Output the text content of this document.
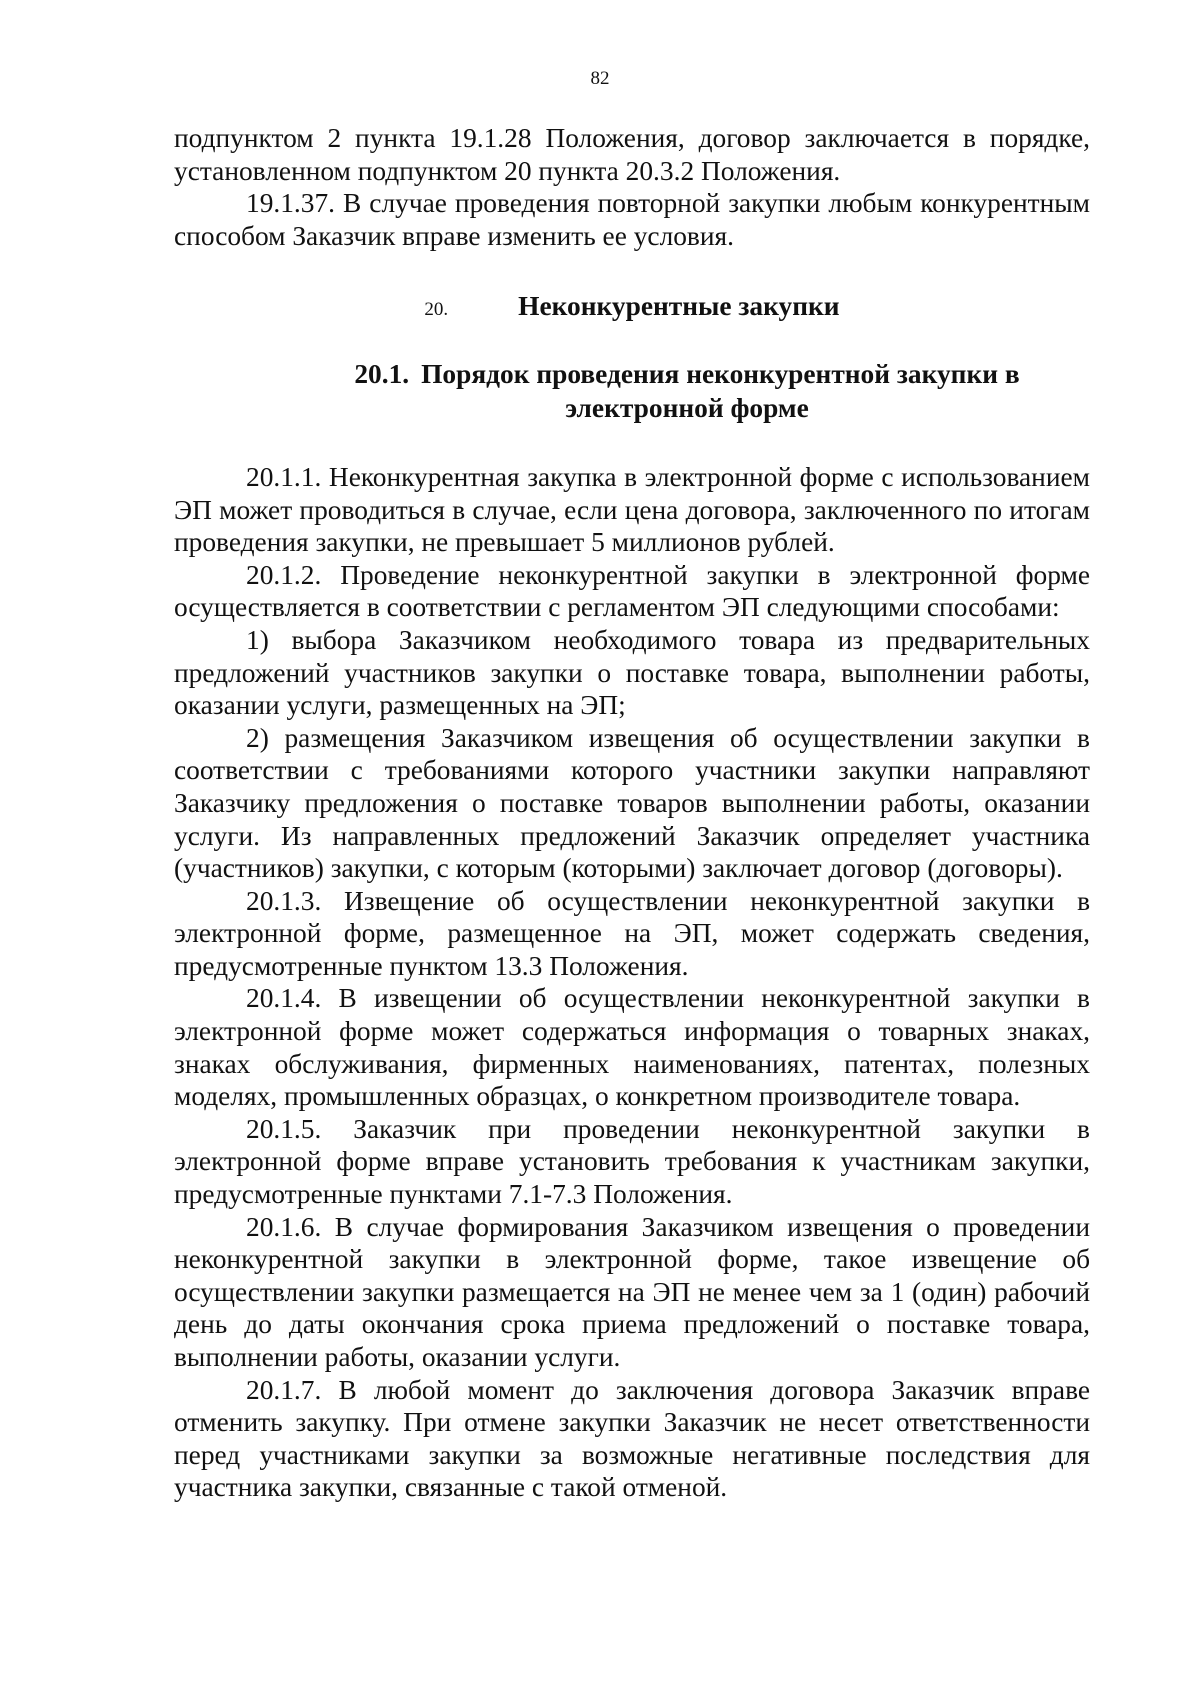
82

подпунктом 2 пункта 19.1.28 Положения, договор заключается в порядке, установленном подпунктом 20 пункта 20.3.2 Положения.

19.1.37. В случае проведения повторной закупки любым конкурентным способом Заказчик вправе изменить ее условия.

20.	Неконкурентные закупки
20.1. Порядок проведения неконкурентной закупки в электронной форме

20.1.1. Неконкурентная закупка в электронной форме с использованием ЭП может проводиться в случае, если цена договора, заключенного по итогам проведения закупки, не превышает 5 миллионов рублей.

20.1.2. Проведение неконкурентной закупки в электронной форме осуществляется в соответствии с регламентом ЭП следующими способами:

1) выбора Заказчиком необходимого товара из предварительных предложений участников закупки о поставке товара, выполнении работы, оказании услуги, размещенных на ЭП;

2) размещения Заказчиком извещения об осуществлении закупки в соответствии с требованиями которого участники закупки направляют Заказчику предложения о поставке товаров выполнении работы, оказании услуги. Из направленных предложений Заказчик определяет участника (участников) закупки, с которым (которыми) заключает договор (договоры).

20.1.3. Извещение об осуществлении неконкурентной закупки в электронной форме, размещенное на ЭП, может содержать сведения, предусмотренные пунктом 13.3 Положения.

20.1.4. В извещении об осуществлении неконкурентной закупки в электронной форме может содержаться информация о товарных знаках, знаках обслуживания, фирменных наименованиях, патентах, полезных моделях, промышленных образцах, о конкретном производителе товара.

20.1.5. Заказчик при проведении неконкурентной закупки в электронной форме вправе установить требования к участникам закупки, предусмотренные пунктами 7.1-7.3 Положения.

20.1.6. В случае формирования Заказчиком извещения о проведении неконкурентной закупки в электронной форме, такое извещение об осуществлении закупки размещается на ЭП не менее чем за 1 (один) рабочий день до даты окончания срока приема предложений о поставке товара, выполнении работы, оказании услуги.

20.1.7. В любой момент до заключения договора Заказчик вправе отменить закупку. При отмене закупки Заказчик не несет ответственности перед участниками закупки за возможные негативные последствия для участника закупки, связанные с такой отменой.
